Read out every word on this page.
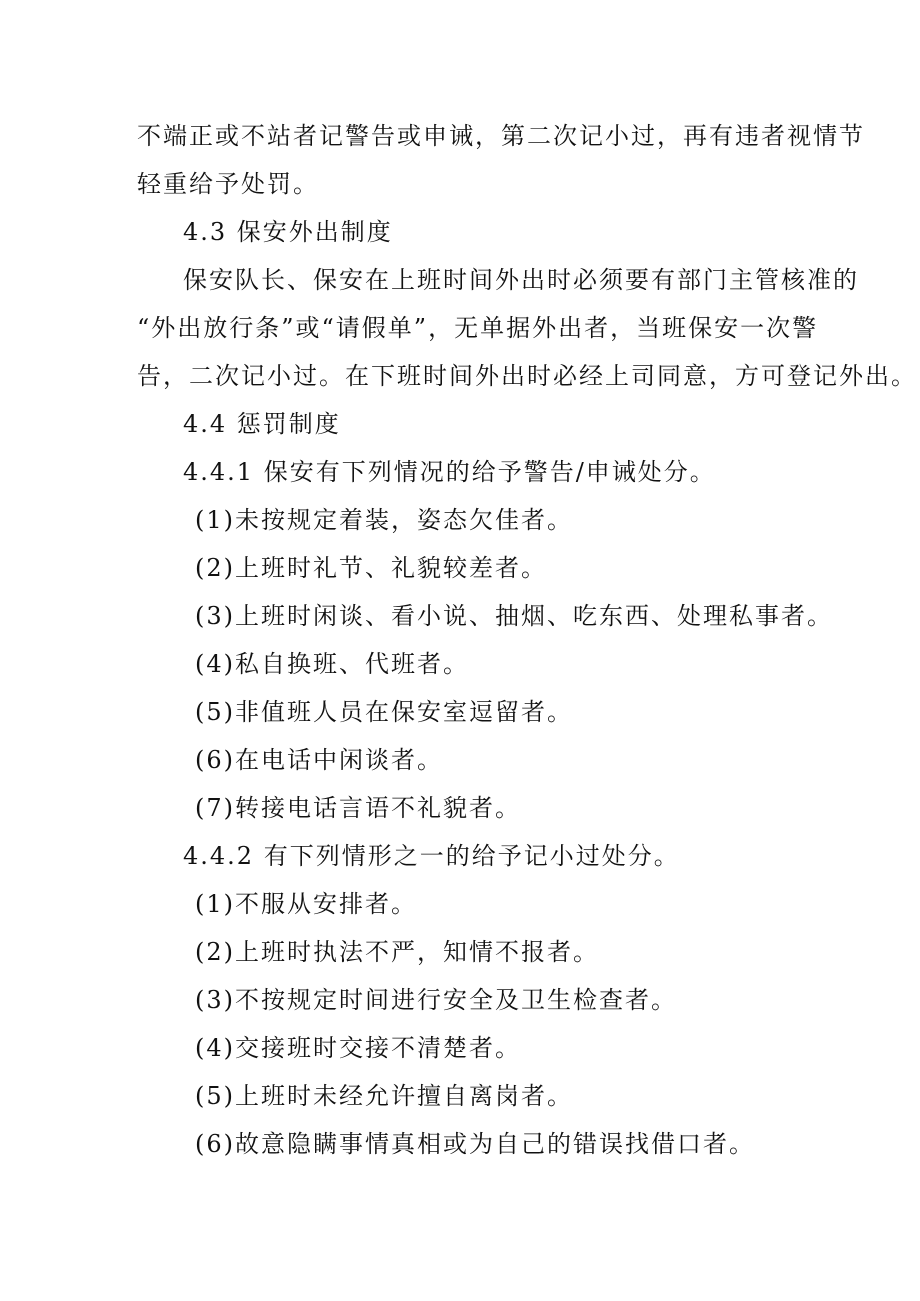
不端正或不站者记警告或申诫，第二次记小过，再有违者视情节
轻重给予处罚。
4.3 保安外出制度
保安队长、保安在上班时间外出时必须要有部门主管核准的
“外出放行条”或“请假单”，无单据外出者，当班保安一次警
告，二次记小过。在下班时间外出时必经上司同意，方可登记外出。
4.4 惩罚制度
4.4.1 保安有下列情况的给予警告/申诫处分。
(1)未按规定着装，姿态欠佳者。
(2)上班时礼节、礼貌较差者。
(3)上班时闲谈、看小说、抽烟、吃东西、处理私事者。
(4)私自换班、代班者。
(5)非值班人员在保安室逗留者。
(6)在电话中闲谈者。
(7)转接电话言语不礼貌者。
4.4.2 有下列情形之一的给予记小过处分。
(1)不服从安排者。
(2)上班时执法不严，知情不报者。
(3)不按规定时间进行安全及卫生检查者。
(4)交接班时交接不清楚者。
(5)上班时未经允许擅自离岗者。
(6)故意隐瞒事情真相或为自己的错误找借口者。
